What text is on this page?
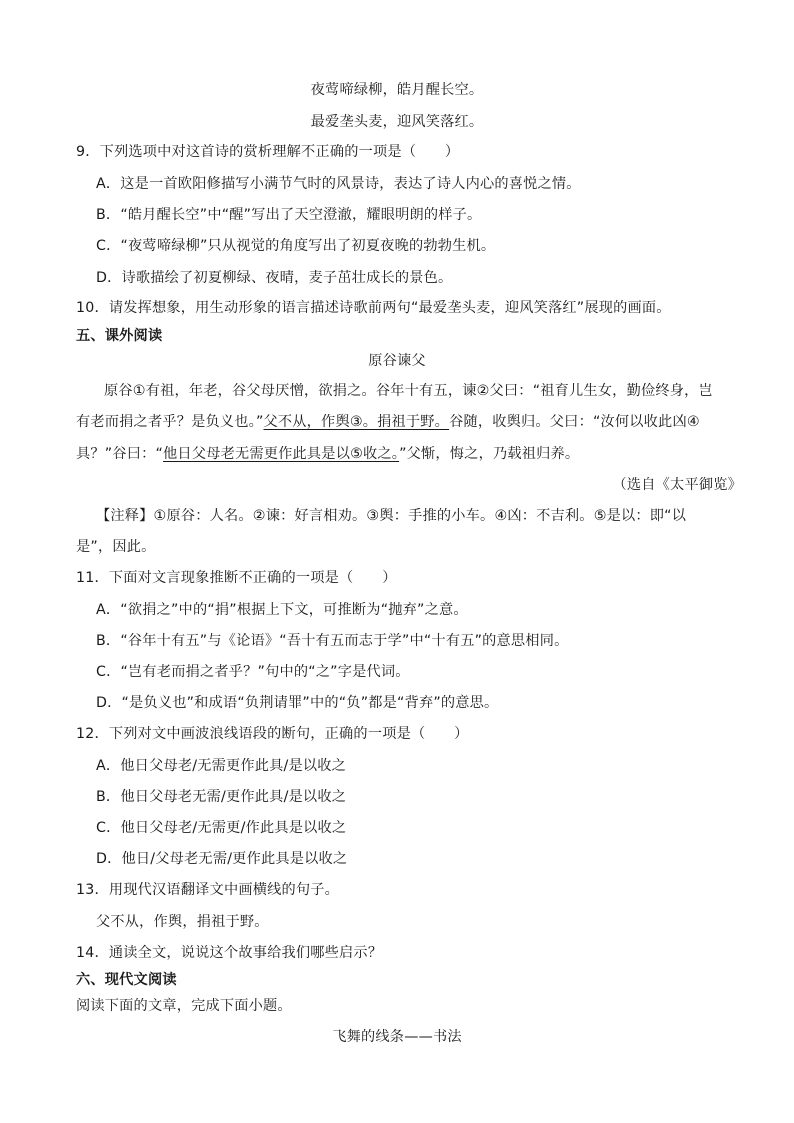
夜莺啼绿柳，皓月醒长空。
最爱垄头麦，迎风笑落红。
9．下列选项中对这首诗的赏析理解不正确的一项是（　　）
A．这是一首欧阳修描写小满节气时的风景诗，表达了诗人内心的喜悦之情。
B．“皓月醒长空”中“醒”写出了天空澄澈，耀眼明朗的样子。
C．“夜莺啼绿柳”只从视觉的角度写出了初夏夜晚的勃勃生机。
D．诗歌描绘了初夏柳绿、夜晴，麦子茁壮成长的景色。
10．请发挥想象，用生动形象的语言描述诗歌前两句“最爱垄头麦，迎风笑落红”展现的画面。
五、课外阅读
原谷谏父
原谷①有祖，年老，谷父母厌憎，欲捐之。谷年十有五，谏②父曰：“祖育儿生女，勤俭终身，岂
有老而捐之者乎？是负义也。”父不从，作舆③。捐祖于野。谷随，收舆归。父曰：“汝何以收此凶④
具？”谷曰：“他日父母老无需更作此具是以⑤收之。”父惭，悔之，乃载祖归养。
（选自《太平御览》
【注释】①原谷：人名。②谏：好言相劝。③舆：手推的小车。④凶：不吉利。⑤是以：即“以
是”，因此。
11．下面对文言现象推断不正确的一项是（　　）
A．“欲捐之”中的“捐”根据上下文，可推断为“抛弃”之意。
B．“谷年十有五”与《论语》“吾十有五而志于学”中“十有五”的意思相同。
C．“岂有老而捐之者乎？”句中的“之”字是代词。
D．“是负义也”和成语“负荆请罪”中的“负”都是“背弃”的意思。
12．下列对文中画波浪线语段的断句，正确的一项是（　　）
A．他日父母老/无需更作此具/是以收之
B．他日父母老无需/更作此具/是以收之
C．他日父母老/无需更/作此具是以收之
D．他日/父母老无需/更作此具是以收之
13．用现代汉语翻译文中画横线的句子。
父不从，作舆，捐祖于野。
14．通读全文，说说这个故事给我们哪些启示？
六、现代文阅读
阅读下面的文章，完成下面小题。
飞舞的线条——书法
